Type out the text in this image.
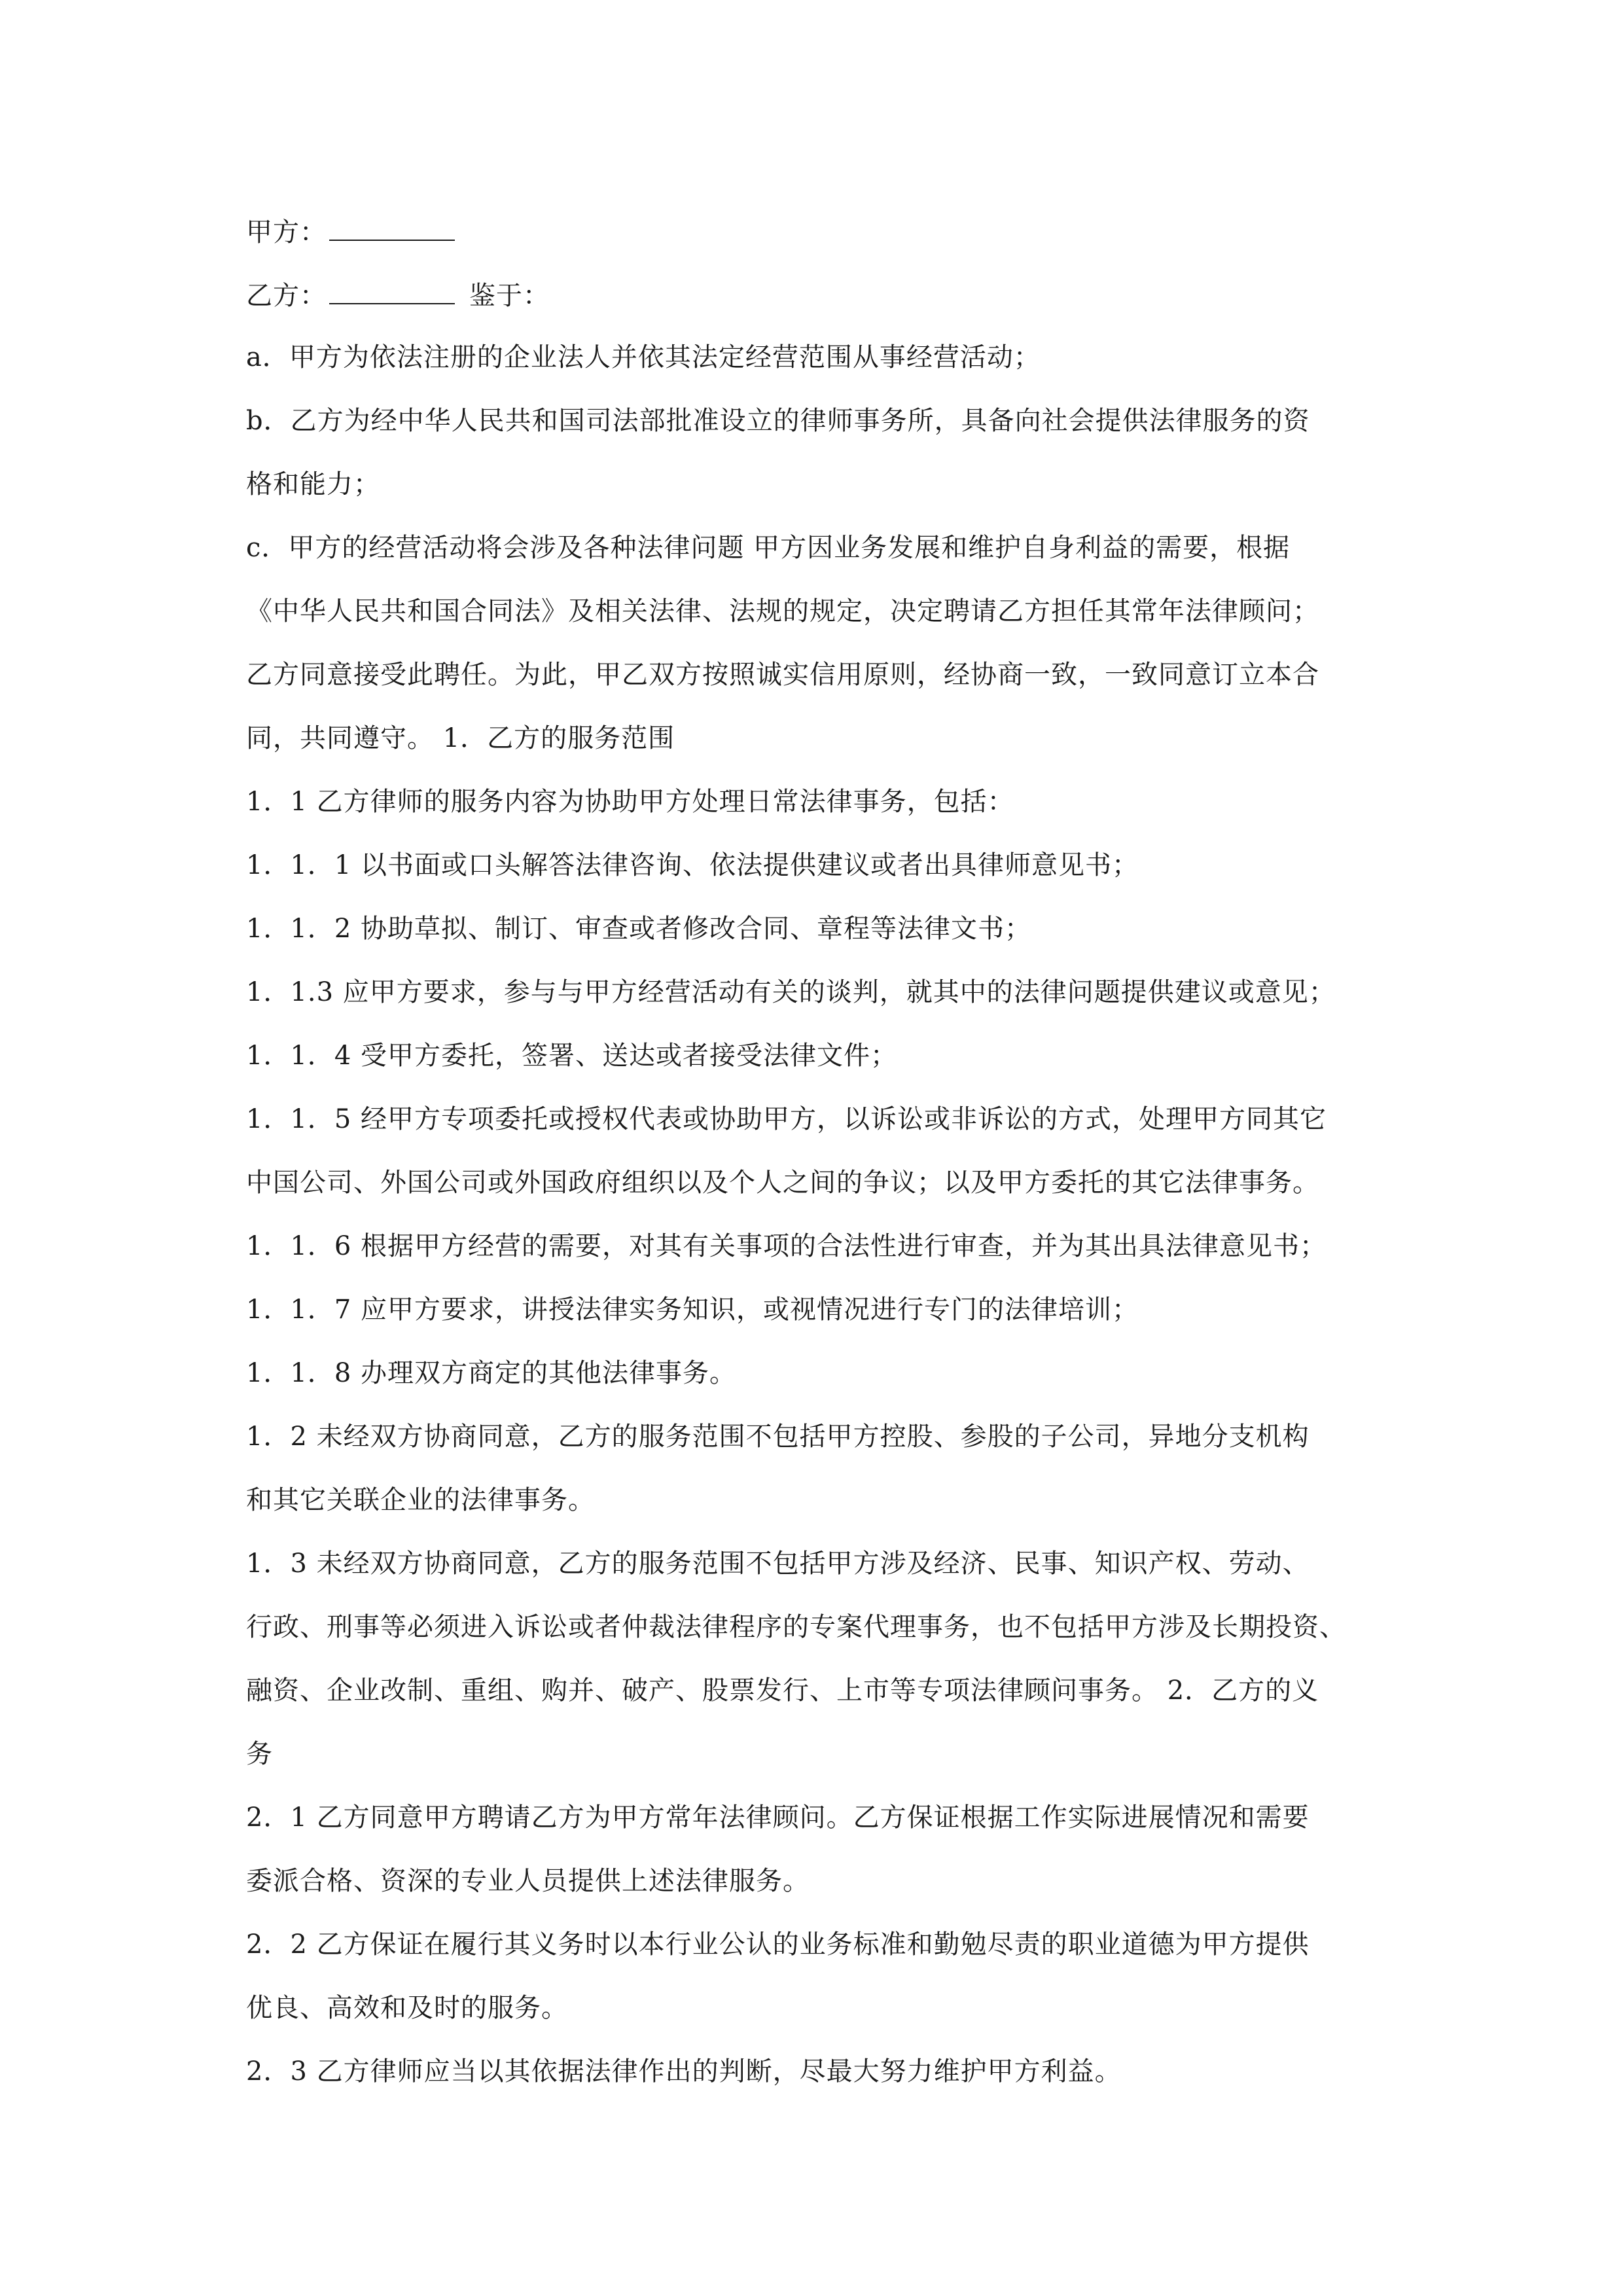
甲方：
乙方：	鉴于：
a．甲方为依法注册的企业法人并依其法定经营范围从事经营活动；
b．乙方为经中华人民共和国司法部批准设立的律师事务所，具备向社会提供法律服务的资
格和能力；
c．甲方的经营活动将会涉及各种法律问题 甲方因业务发展和维护自身利益的需要，根据
《中华人民共和国合同法》及相关法律、法规的规定，决定聘请乙方担任其常年法律顾问；
乙方同意接受此聘任。为此，甲乙双方按照诚实信用原则，经协商一致，一致同意订立本合
同，共同遵守。 1．乙方的服务范围
1．1 乙方律师的服务内容为协助甲方处理日常法律事务，包括：
1．1．1 以书面或口头解答法律咨询、依法提供建议或者出具律师意见书；
1．1．2 协助草拟、制订、审查或者修改合同、章程等法律文书；
1．1.3 应甲方要求，参与与甲方经营活动有关的谈判，就其中的法律问题提供建议或意见；
1．1．4 受甲方委托，签署、送达或者接受法律文件；
1．1．5 经甲方专项委托或授权代表或协助甲方，以诉讼或非诉讼的方式，处理甲方同其它
中国公司、外国公司或外国政府组织以及个人之间的争议；以及甲方委托的其它法律事务。
1．1．6 根据甲方经营的需要，对其有关事项的合法性进行审查，并为其出具法律意见书；
1．1．7 应甲方要求，讲授法律实务知识，或视情况进行专门的法律培训；
1．1．8 办理双方商定的其他法律事务。
1．2 未经双方协商同意，乙方的服务范围不包括甲方控股、参股的子公司，异地分支机构
和其它关联企业的法律事务。
1．3 未经双方协商同意，乙方的服务范围不包括甲方涉及经济、民事、知识产权、劳动、
行政、刑事等必须进入诉讼或者仲裁法律程序的专案代理事务，也不包括甲方涉及长期投资、
融资、企业改制、重组、购并、破产、股票发行、上市等专项法律顾问事务。 2．乙方的义
务
2．1 乙方同意甲方聘请乙方为甲方常年法律顾问。乙方保证根据工作实际进展情况和需要
委派合格、资深的专业人员提供上述法律服务。
2．2 乙方保证在履行其义务时以本行业公认的业务标准和勤勉尽责的职业道德为甲方提供
优良、高效和及时的服务。
2．3 乙方律师应当以其依据法律作出的判断，尽最大努力维护甲方利益。
